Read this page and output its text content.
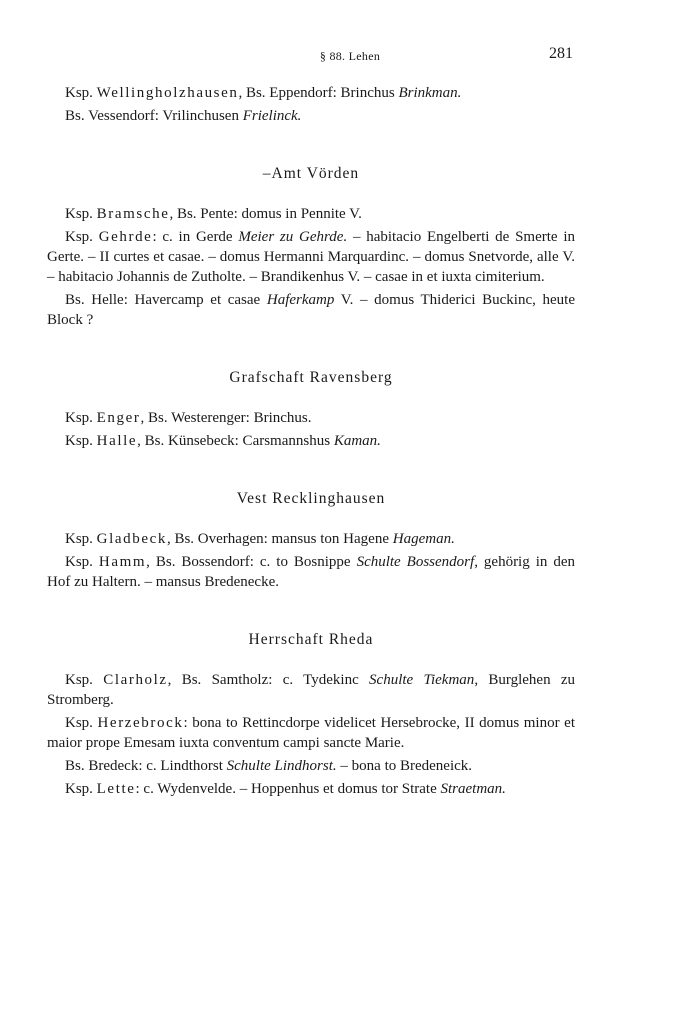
§ 88. Lehen	281

Ksp. Wellingholzhausen, Bs. Eppendorf: Brinchus Brinkman.

Bs. Vessendorf: Vrilinchusen Frielinck.

–Amt Vörden

Ksp. Bramsche, Bs. Pente: domus in Pennite V.

Ksp. Gehrde: c. in Gerde Meier zu Gehrde. – habitacio Engelberti de Smerte in Gerte. – II curtes et casae. – domus Hermanni Marquardinc. – domus Snetvorde, alle V. – habitacio Johannis de Zutholte. – Brandikenhus V. – casae in et iuxta cimiterium.

Bs. Helle: Havercamp et casae Haferkamp V. – domus Thiderici Buckinc, heute Block ?

Grafschaft Ravensberg

Ksp. Enger, Bs. Westerenger: Brinchus.

Ksp. Halle, Bs. Künsebeck: Carsmannshus Kaman.

Vest Recklinghausen

Ksp. Gladbeck, Bs. Overhagen: mansus ton Hagene Hageman.

Ksp. Hamm, Bs. Bossendorf: c. to Bosnippe Schulte Bossendorf, gehörig in den Hof zu Haltern. – mansus Bredenecke.

Herrschaft Rheda

Ksp. Clarholz, Bs. Samtholz: c. Tydekinc Schulte Tiekman, Burglehen zu Stromberg.

Ksp. Herzebrock: bona to Rettincdorpe videlicet Hersebrocke, II domus minor et maior prope Emesam iuxta conventum campi sancte Marie.

Bs. Bredeck: c. Lindthorst Schulte Lindhorst. – bona to Bredeneick.

Ksp. Lette: c. Wydenvelde. – Hoppenhus et domus tor Strate Straetman.
